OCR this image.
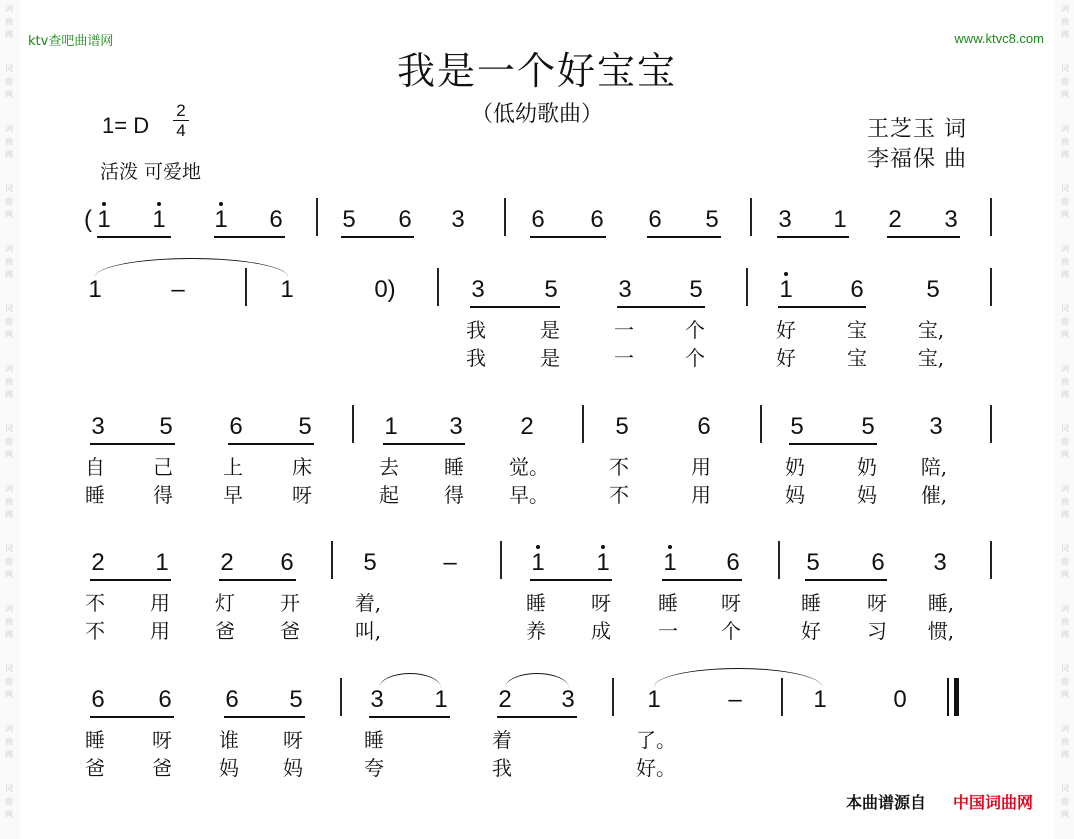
词	词
曲	曲
网	网
词	词
曲	曲
网	网
词	词
曲	曲
网	网
词	词
曲	曲
网	网
词	词
曲	曲
网	网
词	词
曲	曲
网	网
词	词
曲	曲
网	网
词	词
曲	曲
网	网
词	词
曲	曲
网	网
词	词
曲	曲
网	网
词	词
曲	曲
网	网
词	词
曲	曲
网	网
词	词
曲	曲
网	网
词	词
曲	曲
网	网
ktv查吧曲谱网	www.ktvc8.com
我是一个好宝宝
（低幼歌曲）
1= D
2
4
活泼 可爱地
王芝玉 词
李福保 曲
( 1 1 1 6 5 6 3	6 6 6 5 3 1 2 3
1	–	1	0)	3 5	3 5	1 6	5
我	是	一	个	好	宝	宝,
我	是	一	个	好	宝	宝,
3 5 6 5	1 3 2	5	6	5 5 3
自 己	上 床	去 睡 觉。	不	用	奶	奶 陪,
睡 得	早 呀	起 得 早。	不	用	妈	妈 催,
2 1 2 6	5	–	1 1 1 6	5 6 3
不 用 灯 开	着,	睡 呀 睡 呀	睡 呀 睡,
不 用 爸 爸	叫,	养 成 一 个	好 习 惯,
6 6 6 5	3 1 2 3	1	–	1	0
睡 呀 谁 呀	睡	着	了。
爸 爸 妈 妈	夸	我	好。
本曲谱源自 中国词曲网
